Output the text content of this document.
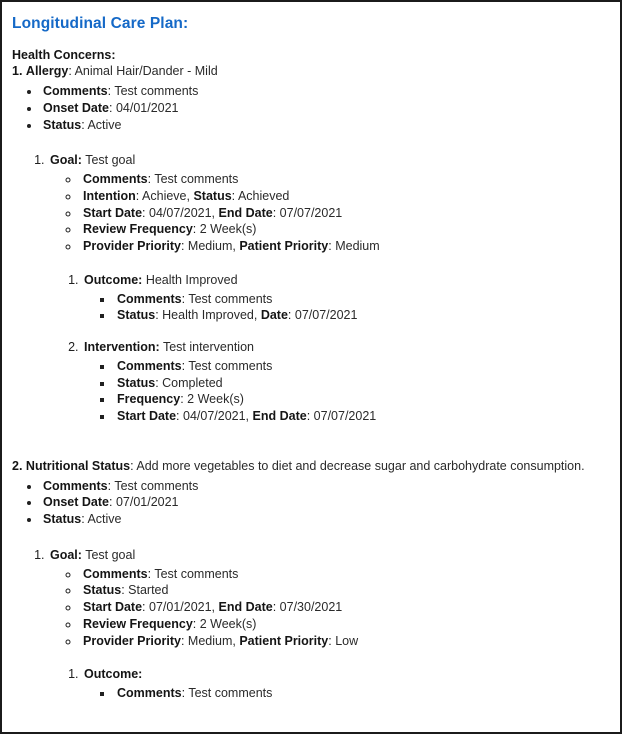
Longitudinal Care Plan:
Health Concerns:
1. Allergy: Animal Hair/Dander - Mild
• Comments: Test comments
• Onset Date: 04/01/2021
• Status: Active
1. Goal: Test goal
◦ Comments: Test comments
◦ Intention: Achieve, Status: Achieved
◦ Start Date: 04/07/2021, End Date: 07/07/2021
◦ Review Frequency: 2 Week(s)
◦ Provider Priority: Medium, Patient Priority: Medium
1. Outcome: Health Improved
▪ Comments: Test comments
▪ Status: Health Improved, Date: 07/07/2021
2. Intervention: Test intervention
▪ Comments: Test comments
▪ Status: Completed
▪ Frequency: 2 Week(s)
▪ Start Date: 04/07/2021, End Date: 07/07/2021
2. Nutritional Status: Add more vegetables to diet and decrease sugar and carbohydrate consumption.
• Comments: Test comments
• Onset Date: 07/01/2021
• Status: Active
1. Goal: Test goal
◦ Comments: Test comments
◦ Status: Started
◦ Start Date: 07/01/2021, End Date: 07/30/2021
◦ Review Frequency: 2 Week(s)
◦ Provider Priority: Medium, Patient Priority: Low
1. Outcome:
▪ Comments: Test comments
